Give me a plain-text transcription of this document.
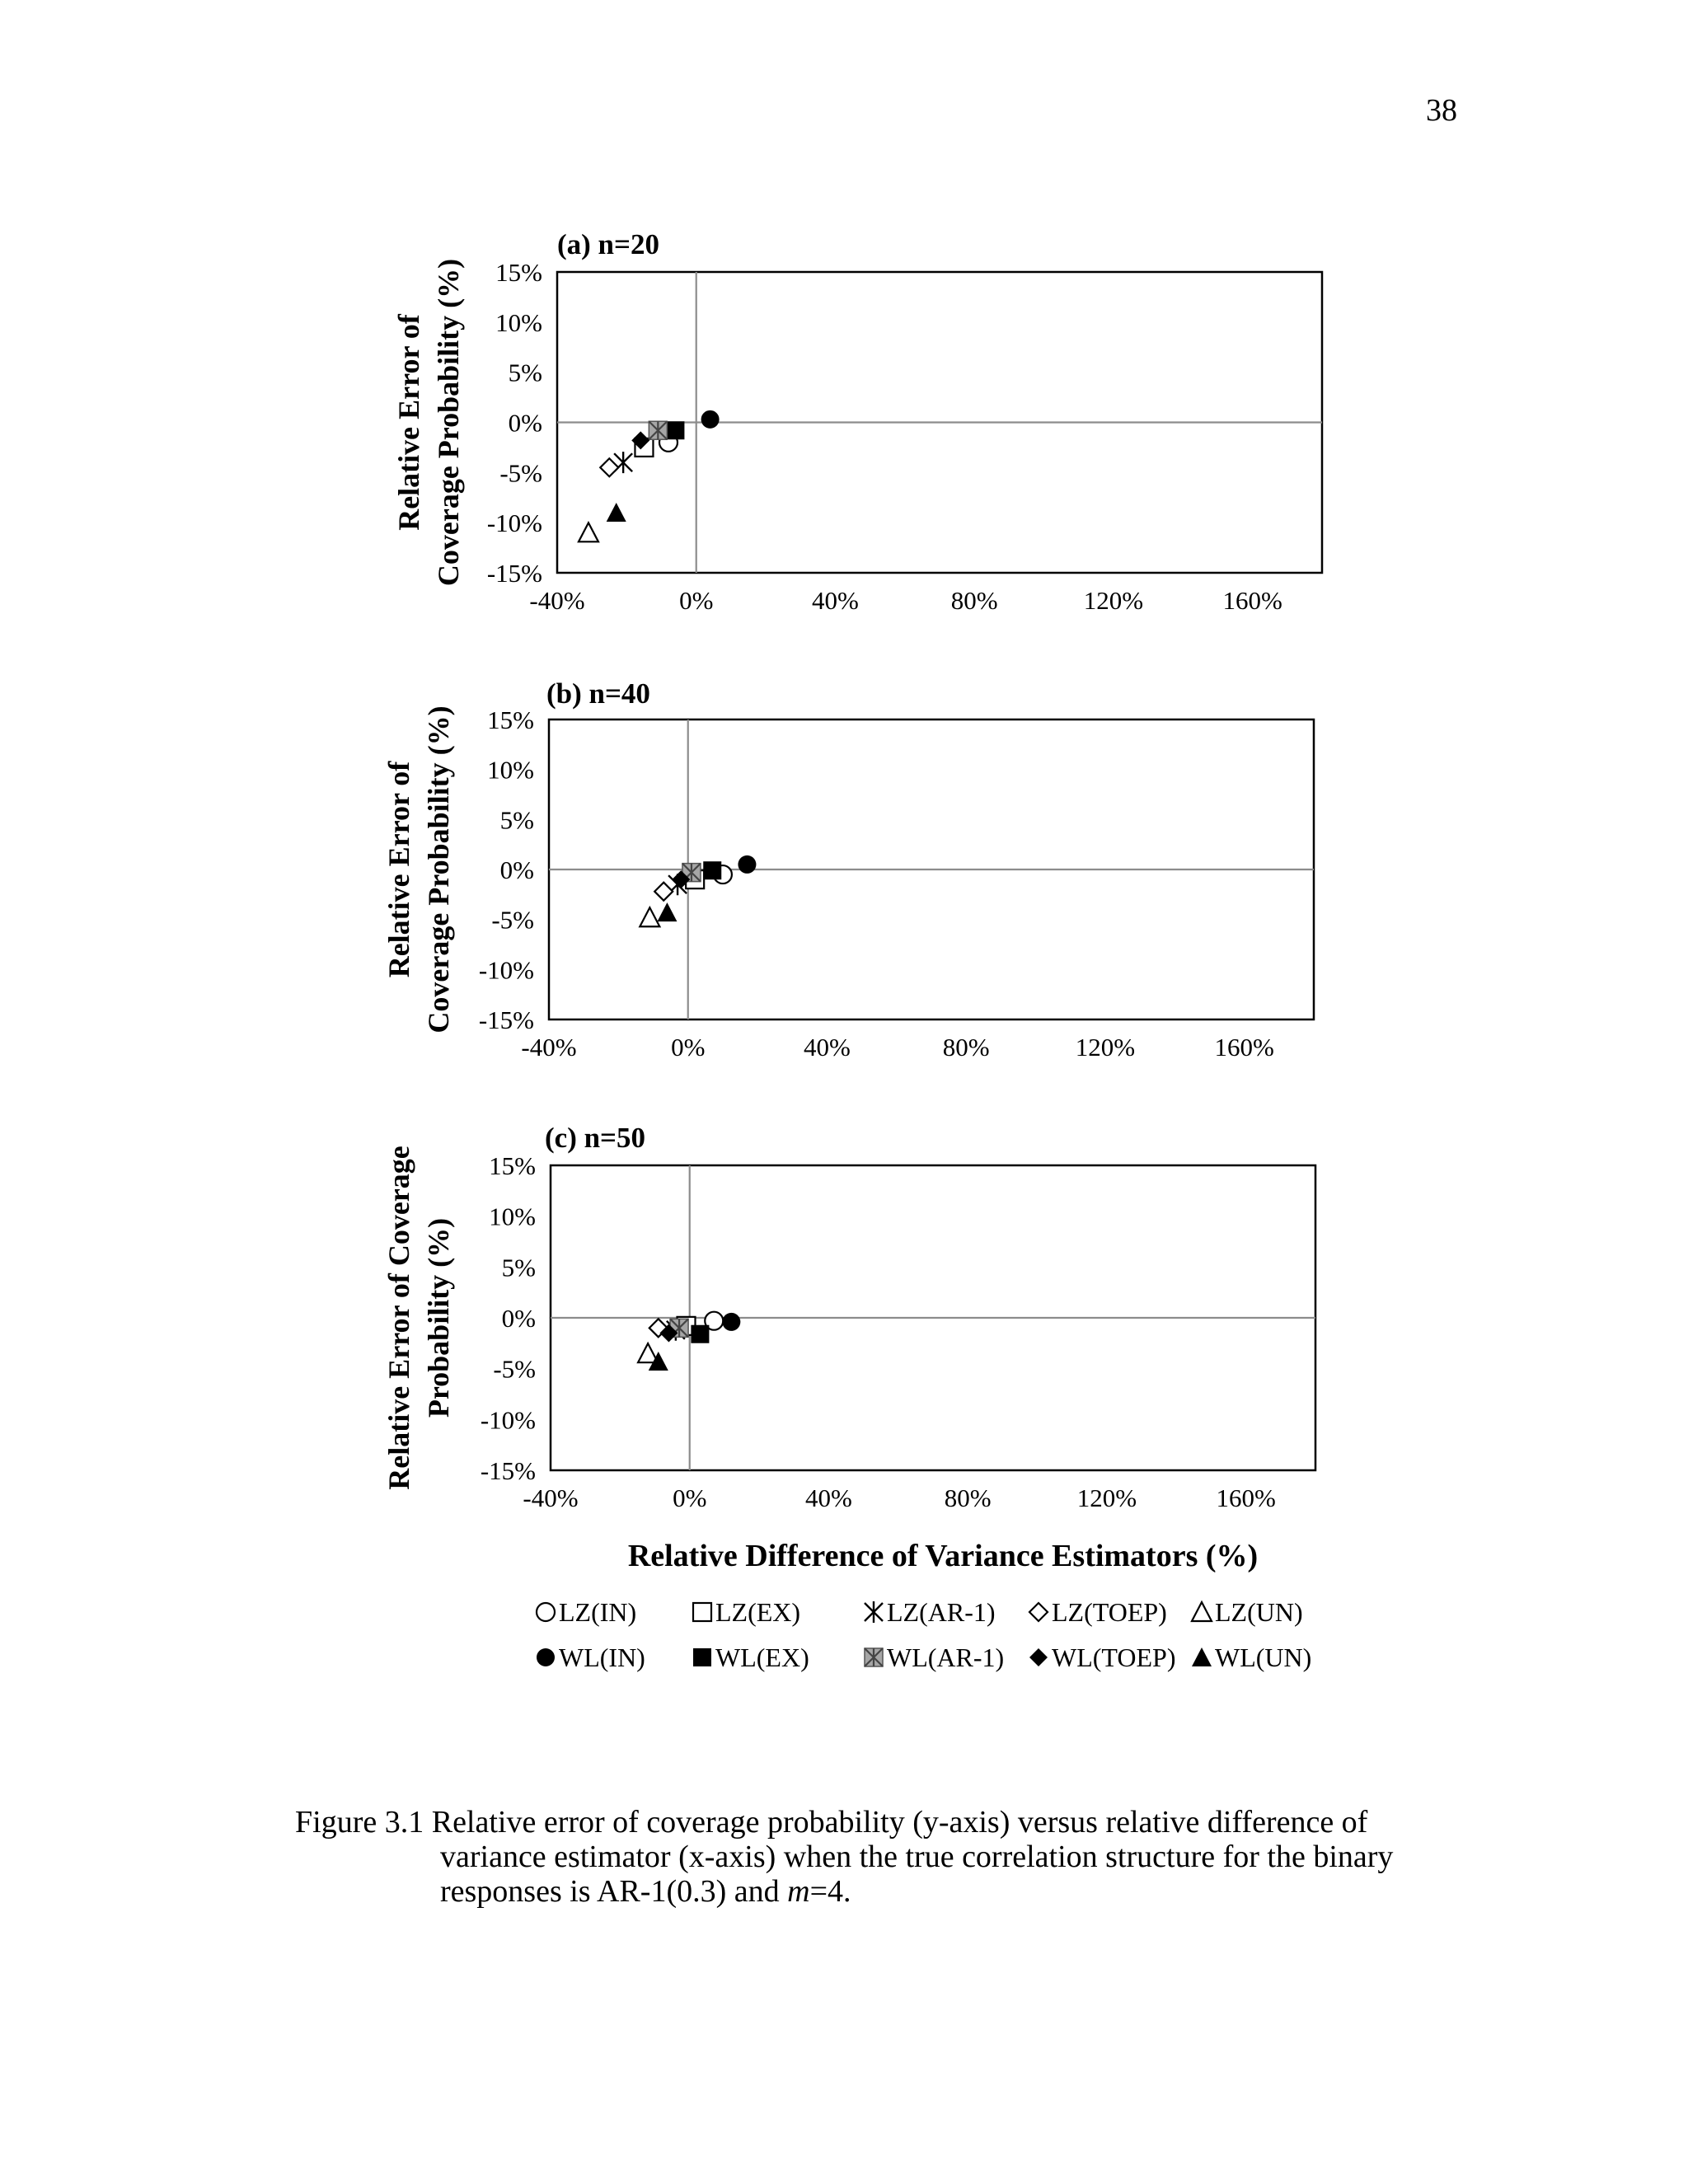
38
(a) n=20
15%
10%
5%
0%
-5%
-10%
-15%
-40%	0%	40%	80%	120%	160%
Relative Error of Coverage Probability (%)
(b) n=40
15%
10%
5%
0%
-5%
-10%
-15%
-40%	0%	40%	80%	120%	160%
Relative Error of Coverage Probability (%)
(c) n=50
15%
10%
5%
0%
-5%
-10%
-15%
-40%	0%	40%	80%	120%	160%
Relative Error of Coverage Probability (%)
Relative Difference of Variance Estimators (%)
LZ(IN)	LZ(EX)	LZ(AR-1) LZ(TOEP) LZ(UN)
WL(IN)	WL(EX)	WL(AR-1) WL(TOEP) WL(UN)
Figure 3.1 Relative error of coverage probability (y-axis) versus relative difference of
variance estimator (x-axis) when the true correlation structure for the binary
responses is AR-1(0.3) and m=4.
